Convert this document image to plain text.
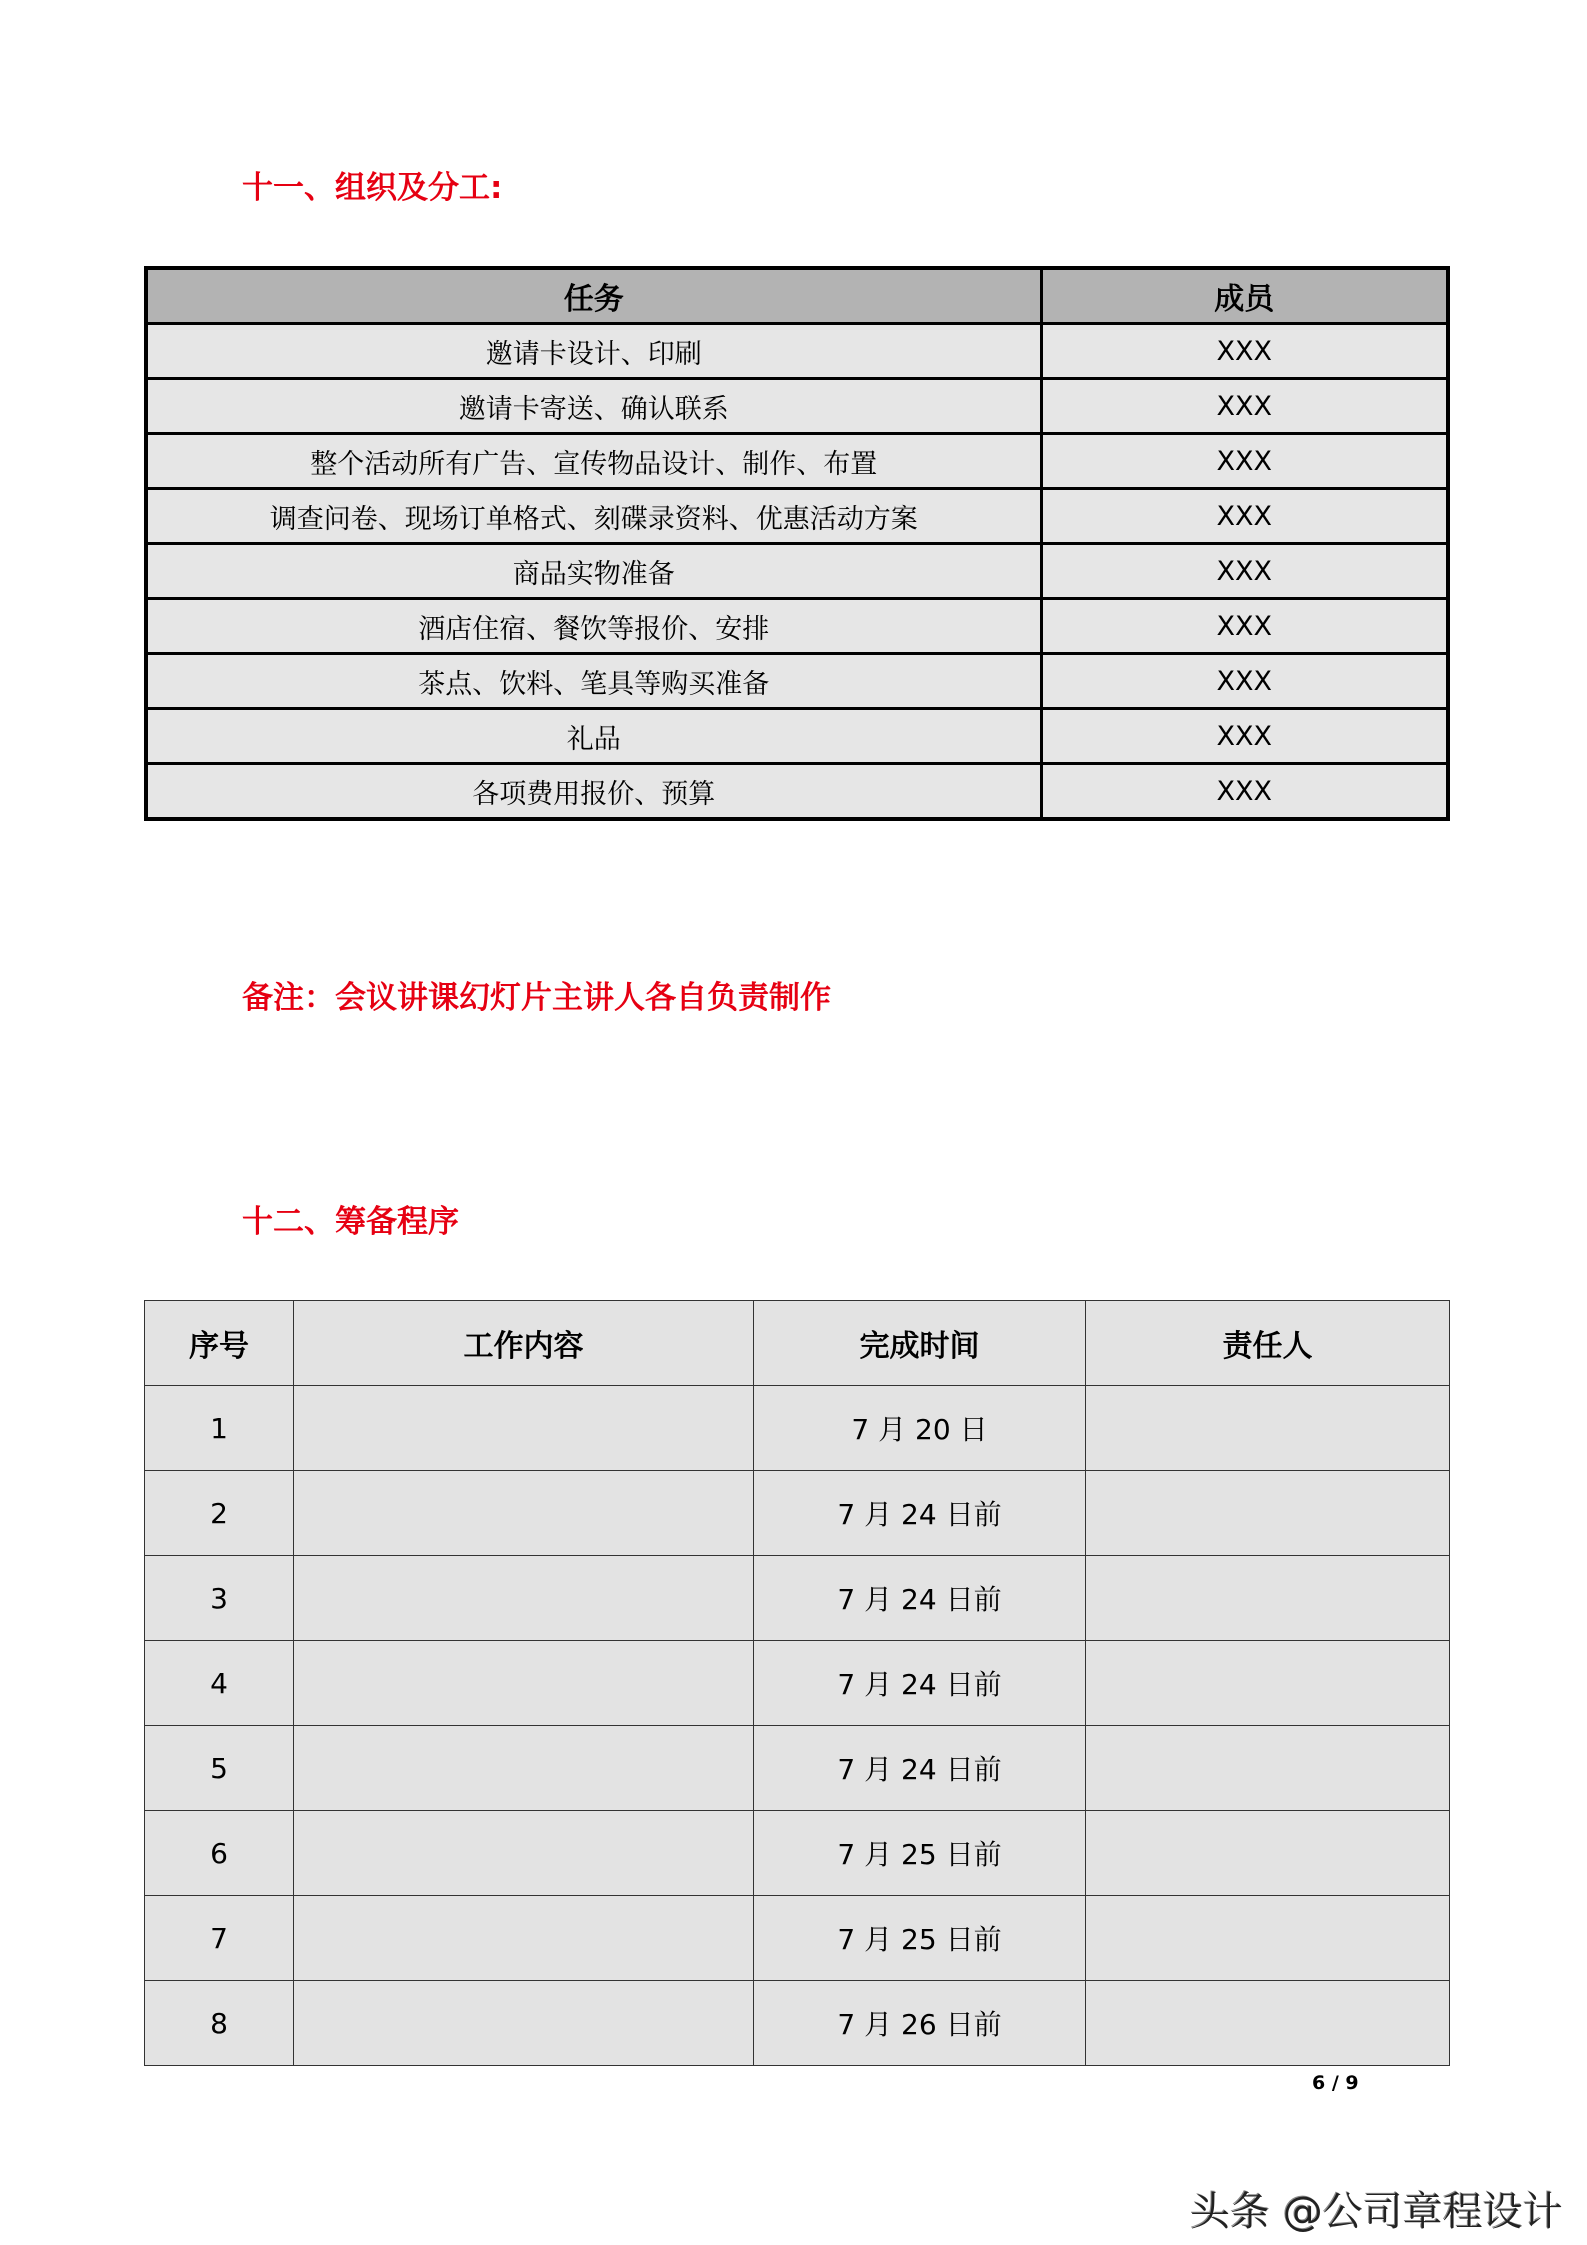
十一、组织及分工:
任务	成员
邀请卡设计、印刷	XXX
邀请卡寄送、确认联系	XXX
整个活动所有广告、宣传物品设计、制作、布置	XXX
调查问卷、现场订单格式、刻碟录资料、优惠活动方案	XXX
商品实物准备	XXX
酒店住宿、餐饮等报价、安排	XXX
茶点、饮料、笔具等购买准备	XXX
礼品	XXX
各项费用报价、预算	XXX
备注：会议讲课幻灯片主讲人各自负责制作
十二、筹备程序
序号	工作内容	完成时间	责任人
1		7 月 20 日	
2		7 月 24 日前	
3		7 月 24 日前	
4		7 月 24 日前	
5		7 月 24 日前	
6		7 月 25 日前	
7		7 月 25 日前	
8		7 月 26 日前	
6 / 9
头条 @公司章程设计
